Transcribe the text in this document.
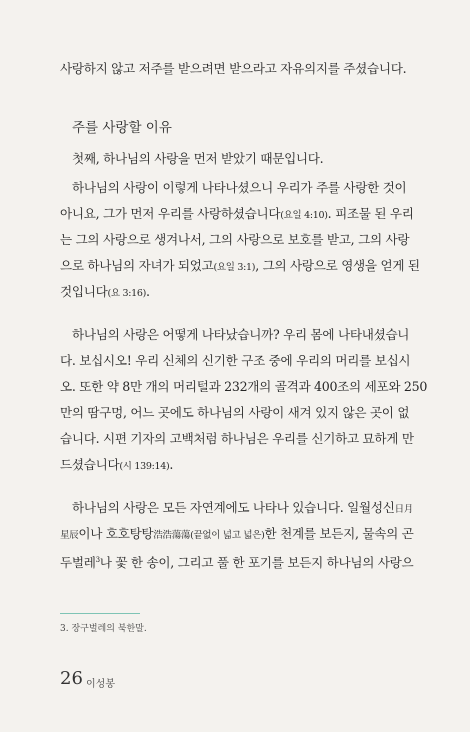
사랑하지 않고 저주를 받으려면 받으라고 자유의지를 주셨습니다.
주를 사랑할 이유
첫째, 하나님의 사랑을 먼저 받았기 때문입니다.
하나님의 사랑이 이렇게 나타나셨으니 우리가 주를 사랑한 것이
아니요, 그가 먼저 우리를 사랑하셨습니다(요일 4:10). 피조물 된 우리
는 그의 사랑으로 생겨나서, 그의 사랑으로 보호를 받고, 그의 사랑
으로 하나님의 자녀가 되었고(요일 3:1), 그의 사랑으로 영생을 얻게 된
것입니다(요 3:16).
하나님의 사랑은 어떻게 나타났습니까? 우리 몸에 나타내셨습니
다. 보십시오! 우리 신체의 신기한 구조 중에 우리의 머리를 보십시
오. 또한 약 8만 개의 머리털과 232개의 골격과 400조의 세포와 250
만의 땀구멍, 어느 곳에도 하나님의 사랑이 새겨 있지 않은 곳이 없
습니다. 시편 기자의 고백처럼 하나님은 우리를 신기하고 묘하게 만
드셨습니다(시 139:14).
하나님의 사랑은 모든 자연계에도 나타나 있습니다. 일월성신日月
星辰이나 호호탕탕浩浩蕩蕩(끝없이 넓고 넓은)한 천계를 보든지, 물속의 곤
두벌레$^3$나 꽃 한 송이, 그리고 풀 한 포기를 보든지 하나님의 사랑으
3. 장구벌레의 북한말.
26 이성봉
